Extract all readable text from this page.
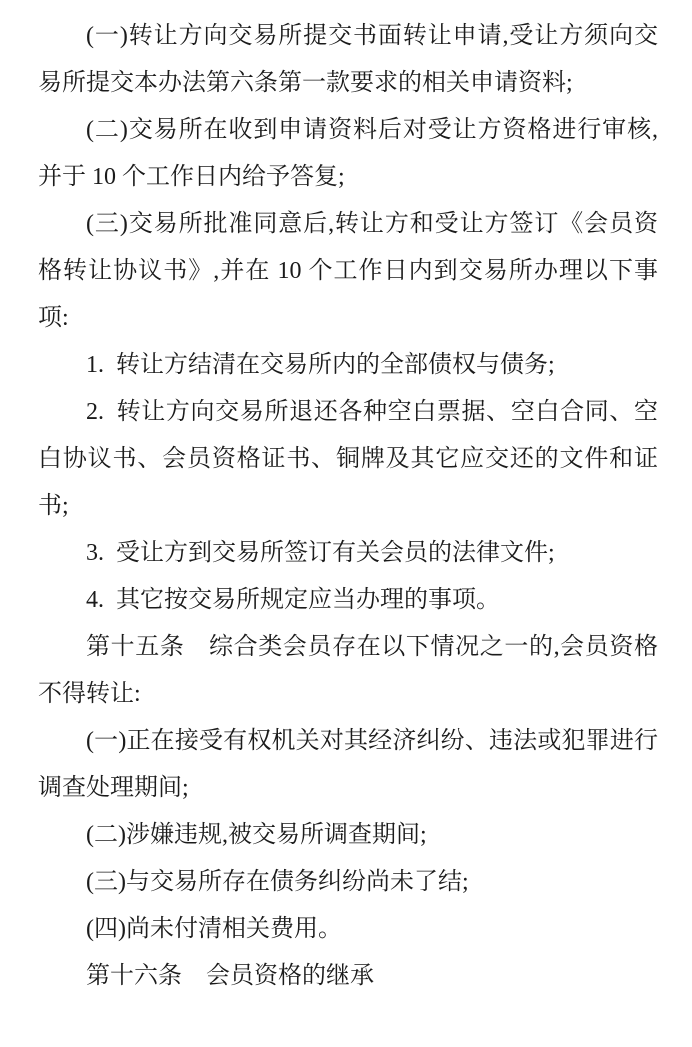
(一)转让方向交易所提交书面转让申请,受让方须向交易所提交本办法第六条第一款要求的相关申请资料;

(二)交易所在收到申请资料后对受让方资格进行审核,并于 10 个工作日内给予答复;

(三)交易所批准同意后,转让方和受让方签订《会员资格转让协议书》,并在 10 个工作日内到交易所办理以下事项:

1. 转让方结清在交易所内的全部债权与债务;

2. 转让方向交易所退还各种空白票据、空白合同、空白协议书、会员资格证书、铜牌及其它应交还的文件和证书;

3. 受让方到交易所签订有关会员的法律文件;

4. 其它按交易所规定应当办理的事项。

第十五条　综合类会员存在以下情况之一的,会员资格不得转让:

(一)正在接受有权机关对其经济纠纷、违法或犯罪进行调查处理期间;

(二)涉嫌违规,被交易所调查期间;

(三)与交易所存在债务纠纷尚未了结;

(四)尚未付清相关费用。

第十六条　会员资格的继承
